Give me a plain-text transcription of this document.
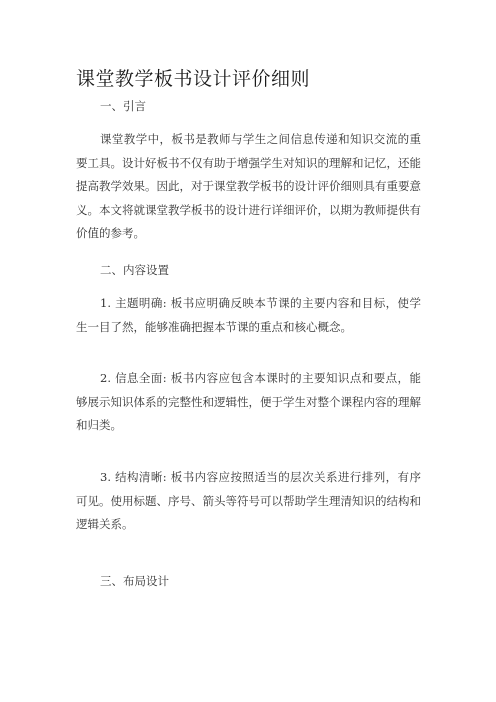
课堂教学板书设计评价细则
一、引言

课堂教学中，板书是教师与学生之间信息传递和知识交流的重要工具。设计好板书不仅有助于增强学生对知识的理解和记忆，还能提高教学效果。因此，对于课堂教学板书的设计评价细则具有重要意义。本文将就课堂教学板书的设计进行详细评价，以期为教师提供有价值的参考。

二、内容设置

1. 主题明确: 板书应明确反映本节课的主要内容和目标，使学生一目了然，能够准确把握本节课的重点和核心概念。

2. 信息全面: 板书内容应包含本课时的主要知识点和要点，能够展示知识体系的完整性和逻辑性，便于学生对整个课程内容的理解和归类。

3. 结构清晰: 板书内容应按照适当的层次关系进行排列，有序可见。使用标题、序号、箭头等符号可以帮助学生理清知识的结构和逻辑关系。

三、布局设计
